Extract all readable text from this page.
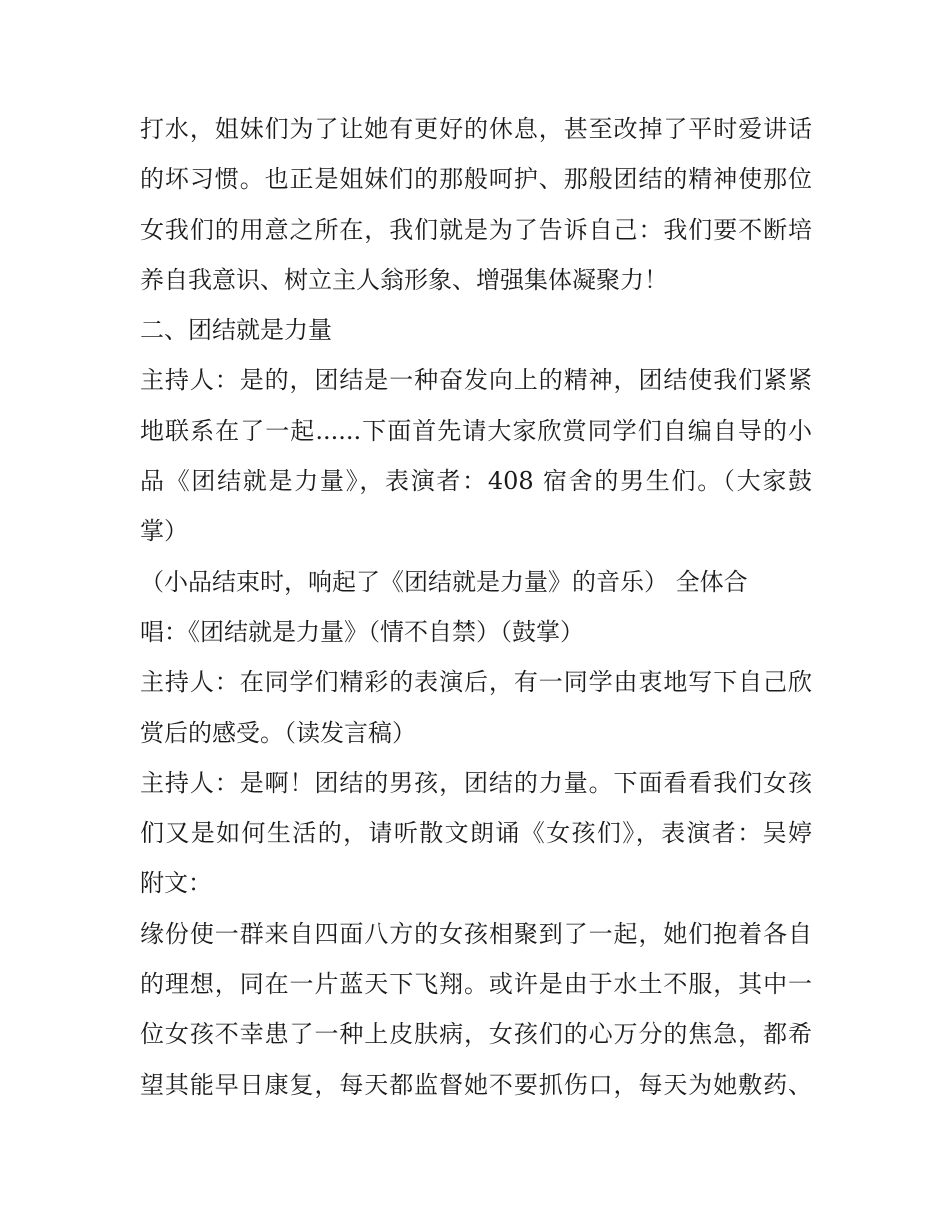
打水，姐妹们为了让她有更好的休息，甚至改掉了平时爱讲话
的坏习惯。也正是姐妹们的那般呵护、那般团结的精神使那位
女我们的用意之所在，我们就是为了告诉自己：我们要不断培
养自我意识、树立主人翁形象、增强集体凝聚力！
二、团结就是力量
主持人：是的，团结是一种奋发向上的精神，团结使我们紧紧
地联系在了一起......下面首先请大家欣赏同学们自编自导的小
品《团结就是力量》，表演者：408 宿舍的男生们。（大家鼓
掌）
（小品结束时，响起了《团结就是力量》的音乐） 全体合
唱：《团结就是力量》（情不自禁）（鼓掌）
主持人：在同学们精彩的表演后，有一同学由衷地写下自己欣
赏后的感受。（读发言稿）
主持人：是啊！团结的男孩，团结的力量。下面看看我们女孩
们又是如何生活的，请听散文朗诵《女孩们》，表演者：吴婷
附文：
缘份使一群来自四面八方的女孩相聚到了一起，她们抱着各自
的理想，同在一片蓝天下飞翔。或许是由于水土不服，其中一
位女孩不幸患了一种上皮肤病，女孩们的心万分的焦急，都希
望其能早日康复，每天都监督她不要抓伤口，每天为她敷药、
